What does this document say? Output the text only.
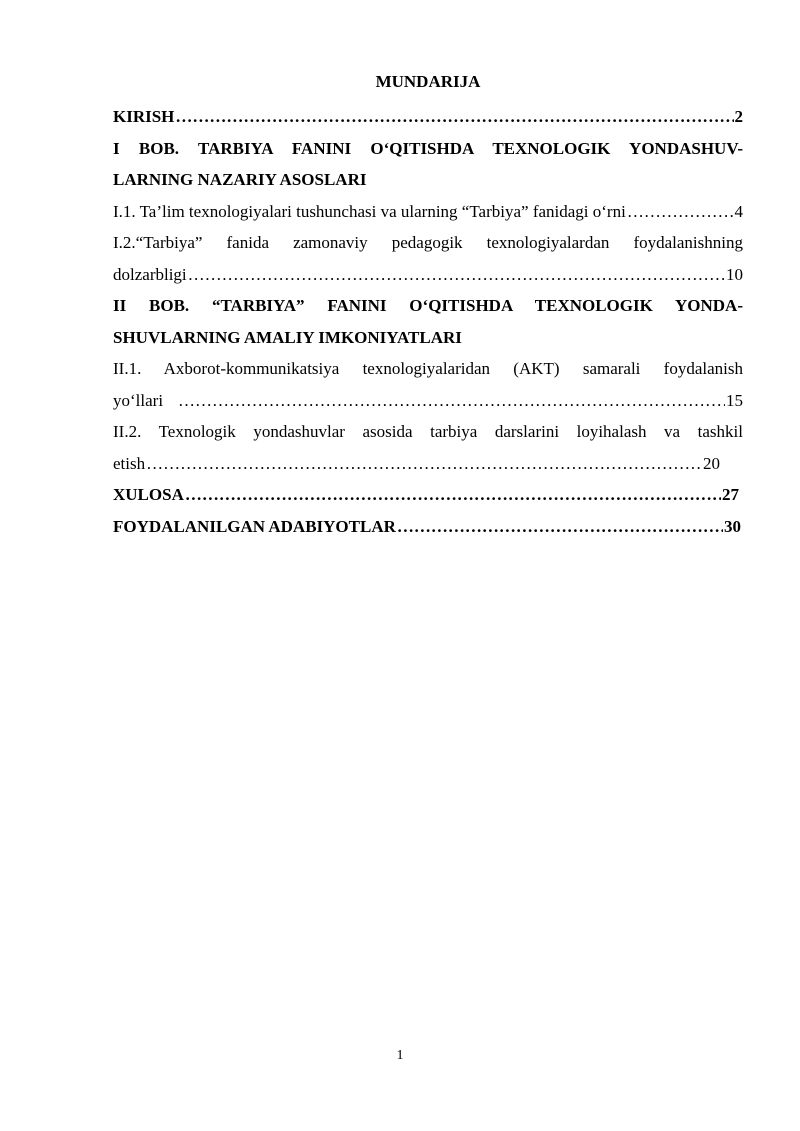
MUNDARIJA
KIRISH ……………………………………………………………………………………………………………………………………………………	2
I BOB. TARBIYA FANINI O‘QITISHDA TEXNOLOGIK YONDASHUV-
LARNING NAZARIY ASOSLARI
I.1. Ta’lim texnologiyalari tushunchasi va ularning “Tarbiya” fanidagi o‘rni ……………………………………………………………………………………………………………………………………………………	4
I.2.“Tarbiya” fanida zamonaviy pedagogik texnologiyalardan foydalanishning
dolzarbligi ……………………………………………………………………………………………………………………………………………………	10
II BOB. “TARBIYA” FANINI O‘QITISHDA TEXNOLOGIK YONDA-
SHUVLARNING AMALIY IMKONIYATLARI
II.1. Axborot-kommunikatsiya texnologiyalaridan (AKT) samarali foydalanish
yo‘llari ……………………………………………………………………………………………………………………………………………………	15
II.2. Texnologik yondashuvlar asosida tarbiya darslarini loyihalash va tashkil
etish ……………………………………………………………………………………………………………………………………………………	20
XULOSA ……………………………………………………………………………………………………………………………………………………	27
FOYDALANILGAN ADABIYOTLAR ……………………………………………………………………………………………………………………………………………………	30
1
